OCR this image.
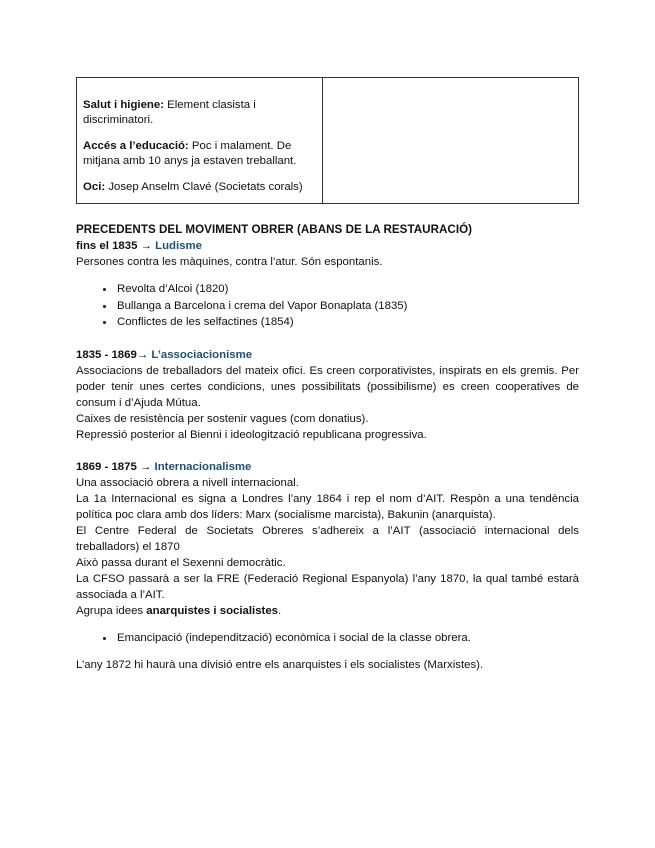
Salut i higiene: Element clasista i discriminatori.

Accés a l’educació: Poc i malament. De mitjana amb 10 anys ja estaven treballant.

Oci: Josep Anselm Clavé (Societats corals)

PRECEDENTS DEL MOVIMENT OBRER (ABANS DE LA RESTAURACIÓ)

fins el 1835 → Ludisme

Persones contra les màquines, contra l’atur. Són espontanis.

• Revolta d’Alcoi (1820)
• Bullanga a Barcelona i crema del Vapor Bonaplata (1835)
• Conflictes de les selfactines (1854)

1835 - 1869→ L’associacionisme

Associacions de treballadors del mateix ofici. Es creen corporativistes, inspirats en els gremis. Per poder tenir unes certes condicions, unes possibilitats (possibilisme) es creen cooperatives de consum i d’Ajuda Mútua.

Caixes de resistència per sostenir vagues (com donatius).

Repressió posterior al Bienni i ideologització republicana progressiva.

1869 - 1875 → Internacionalisme

Una associació obrera a nivell internacional.

La 1a Internacional es signa a Londres l’any 1864 i rep el nom d’AIT. Respòn a una tendència política poc clara amb dos líders: Marx (socialisme marcista), Bakunin (anarquista).

El Centre Federal de Societats Obreres s’adhereix a l’AIT (associació internacional dels treballadors) el 1870

Això passa durant el Sexenni democràtic.

La CFSO passarà a ser la FRE (Federació Regional Espanyola) l’any 1870, la qual també estarà associada a l’AIT.

Agrupa idees anarquistes i socialistes.

• Emancipació (independització) econòmica i social de la classe obrera.

L’any 1872 hi haurà una divisió entre els anarquistes i els socialistes (Marxistes).
